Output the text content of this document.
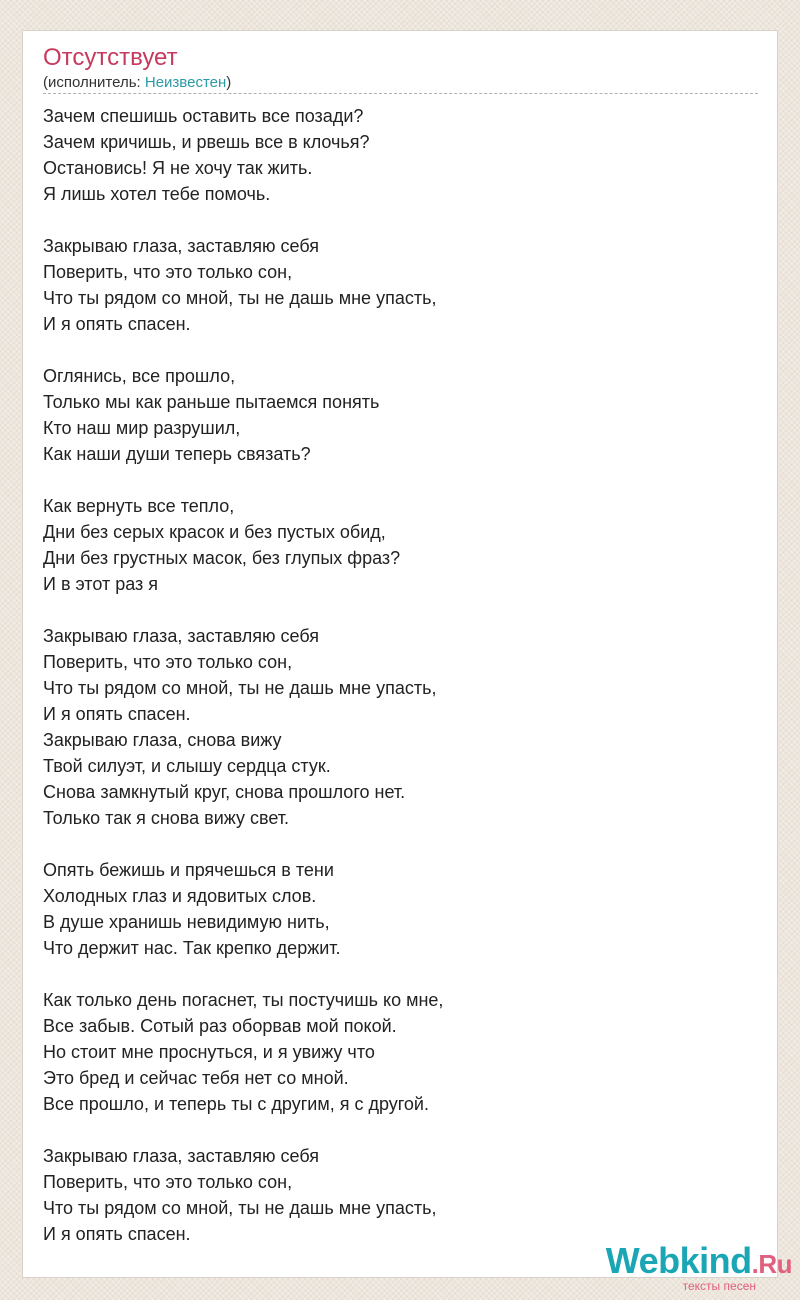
Отсутствует
(исполнитель: Неизвестен)
Зачем спешишь оставить все позади?
Зачем кричишь, и рвешь все в клочья?
Остановись! Я не хочу так жить.
Я лишь хотел тебе помочь.
Закрываю глаза, заставляю себя
Поверить, что это только сон,
Что ты рядом со мной, ты не дашь мне упасть,
И я опять спасен.
Оглянись, все прошло,
Только мы как раньше пытаемся понять
Кто наш мир разрушил,
Как наши души теперь связать?
Как вернуть все тепло,
Дни без серых красок и без пустых обид,
Дни без грустных масок, без глупых фраз?
И в этот раз я
Закрываю глаза, заставляю себя
Поверить, что это только сон,
Что ты рядом со мной, ты не дашь мне упасть,
И я опять спасен.
Закрываю глаза, снова вижу
Твой силуэт, и слышу сердца стук.
Снова замкнутый круг, снова прошлого нет.
Только так я снова вижу свет.
Опять бежишь и прячешься в тени
Холодных глаз и ядовитых слов.
В душе хранишь невидимую нить,
Что держит нас. Так крепко держит.
Как только день погаснет, ты постучишь ко мне,
Все забыв. Сотый раз оборвав мой покой.
Но стоит мне проснуться, и я увижу что
Это бред и сейчас тебя нет со мной.
Все прошло, и теперь ты с другим, я с другой.
Закрываю глаза, заставляю себя
Поверить, что это только сон,
Что ты рядом со мной, ты не дашь мне упасть,
И я опять спасен.
Webkind.Ru
тексты песен
